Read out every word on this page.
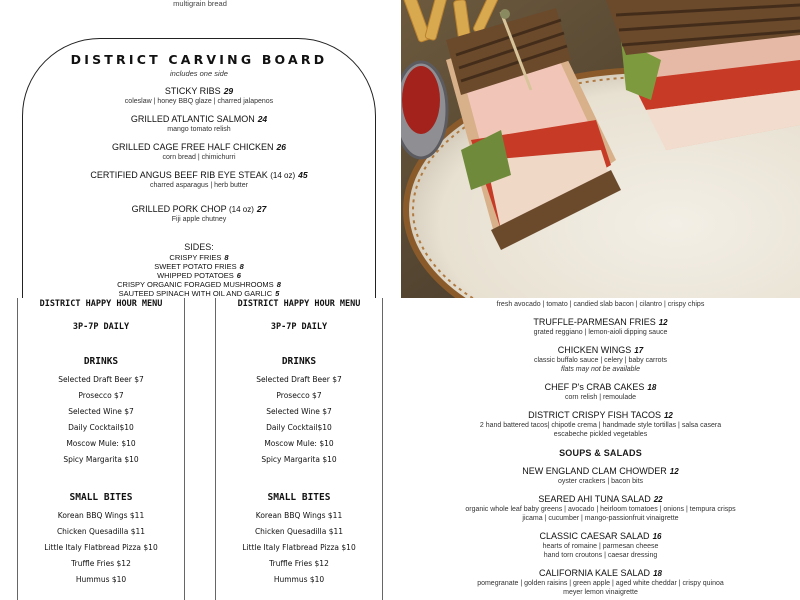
multigrain bread
DISTRICT CARVING BOARD
includes one side
STICKY RIBS 29
coleslaw | honey BBQ glaze | charred jalapenos
GRILLED ATLANTIC SALMON 24
mango tomato relish
GRILLED CAGE FREE HALF CHICKEN 26
corn bread | chimichurri
CERTIFIED ANGUS BEEF RIB EYE STEAK (14 oz) 45
charred asparagus | herb butter
GRILLED PORK CHOP (14 oz) 27
Fiji apple chutney
SIDES:
CRISPY FRIES 8
SWEET POTATO FRIES 8
WHIPPED POTATOES 6
CRISPY ORGANIC FORAGED MUSHROOMS 8
SAUTEED SPINACH WITH OIL AND GARLIC 5
DISTRICT HAPPY HOUR MENU
3P-7P DAILY
DRINKS
Selected Draft Beer $7
Prosecco $7
Selected Wine $7
Daily Cocktail$10
Moscow Mule: $10
Spicy Margarita $10
SMALL BITES
Korean BBQ Wings $11
Chicken Quesadilla $11
Little Italy Flatbread Pizza $10
Truffle Fries $12
Hummus $10
DISTRICT HAPPY HOUR MENU
3P-7P DAILY
DRINKS
Selected Draft Beer $7
Prosecco $7
Selected Wine $7
Daily Cocktail$10
Moscow Mule: $10
Spicy Margarita $10
SMALL BITES
Korean BBQ Wings $11
Chicken Quesadilla $11
Little Italy Flatbread Pizza $10
Truffle Fries $12
Hummus $10
fresh avocado | tomato | candied slab bacon | cilantro | crispy chips
TRUFFLE-PARMESAN FRIES 12
grated reggiano | lemon-aioli dipping sauce
CHICKEN WINGS 17
classic buffalo sauce | celery | baby carrots
flats may not be available
CHEF P's CRAB CAKES 18
corn relish | remoulade
DISTRICT CRISPY FISH TACOS 12
2 hand battered tacos| chipotle crema | handmade style tortillas | salsa casera
escabeche pickled vegetables
SOUPS & SALADS
NEW ENGLAND CLAM CHOWDER 12
oyster crackers | bacon bits
SEARED AHI TUNA SALAD 22
organic whole leaf baby greens | avocado | heirloom tomatoes | onions | tempura crisps
jicama | cucumber | mango-passionfruit vinaigrette
CLASSIC CAESAR SALAD 16
hearts of romaine | parmesan cheese
hand torn croutons | caesar dressing
CALIFORNIA KALE SALAD 18
pomegranate | golden raisins | green apple | aged white cheddar | crispy quinoa
meyer lemon vinaigrette
